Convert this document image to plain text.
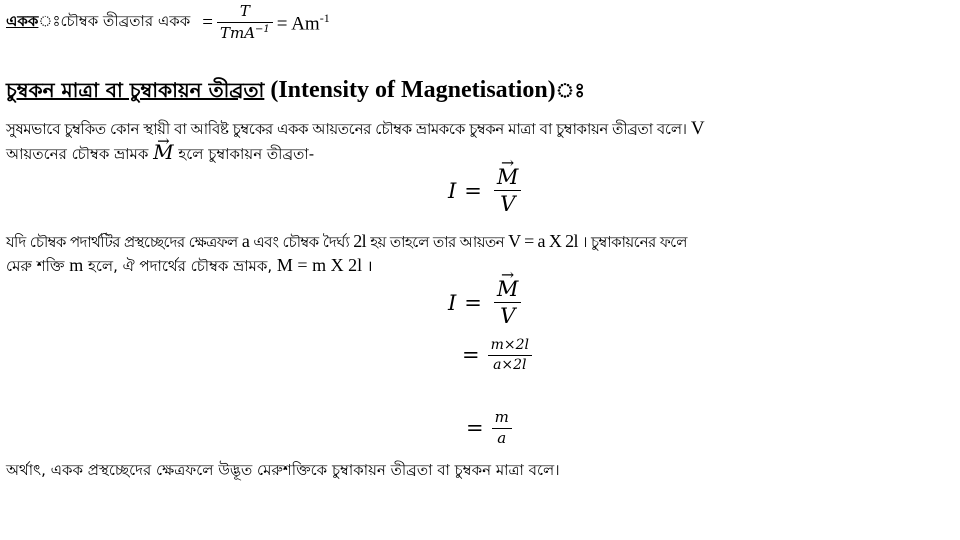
একক ঃ চৌম্বক তীব্রতার একক = $\frac{T}{TmA^{-1}} = Am^{-1}$
চুম্বকন মাত্রা বা চুম্বাকায়ন তীব্রতা (Intensity of Magnetisation)ঃ
সুষমভাবে চুম্বকিত কোন স্থায়ী বা আবিষ্ট চুম্বকের একক আয়তনের চৌম্বক ভ্রামককে চুম্বকন মাত্রা বা চুম্বাকায়ন তীব্রতা বলে। V
আয়তনের চৌম্বক ভ্রামক → M হলে চুম্বাকায়ন তীব্রতা-
I = → $\frac{M}{V}$
যদি চৌম্বক পদার্থটির প্রস্থচ্ছেদের ক্ষেত্রফল a এবং চৌম্বক দৈর্ঘ্য 2l হয় তাহলে তার আয়তন V = a X 2l । চুম্বাকায়নের ফলে
মেরু শক্তি m হলে, ঐ পদার্থের চৌম্বক ভ্রামক, M = m X 2l ।
I = → $\frac{M}{V}$
= $\frac{m\times 2l}{a\times 2l}$
= $\frac{m}{a}$
অর্থাৎ, একক প্রস্থচ্ছেদের ক্ষেত্রফলে উদ্ভূত মেরুশক্তিকে চুম্বাকায়ন তীব্রতা বা চুম্বকন মাত্রা বলে।
